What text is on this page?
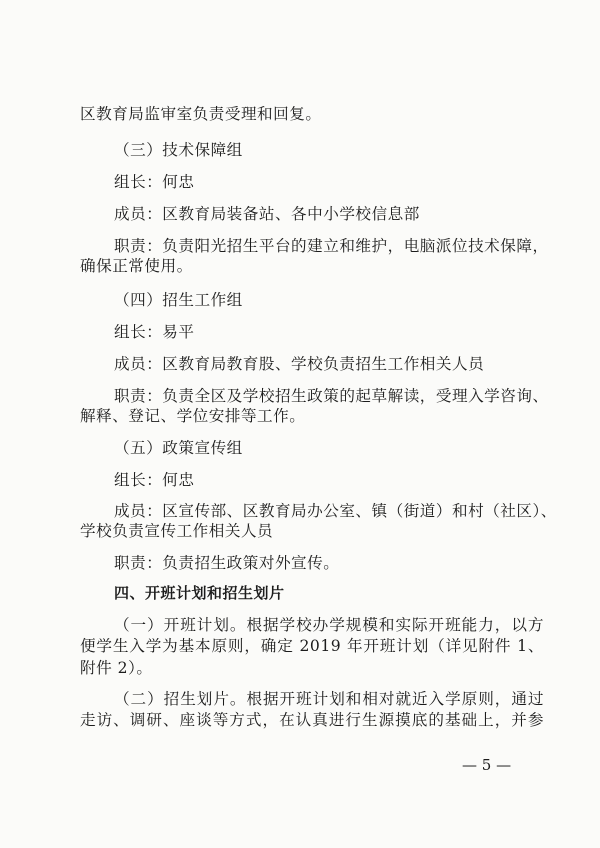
区教育局监审室负责受理和回复。
（三）技术保障组
组长：何忠
成员：区教育局装备站、各中小学校信息部
职责：负责阳光招生平台的建立和维护，电脑派位技术保障，
确保正常使用。
（四）招生工作组
组长：易平
成员：区教育局教育股、学校负责招生工作相关人员
职责：负责全区及学校招生政策的起草解读，受理入学咨询、
解释、登记、学位安排等工作。
（五）政策宣传组
组长：何忠
成员：区宣传部、区教育局办公室、镇（街道）和村（社区）、
学校负责宣传工作相关人员
职责：负责招生政策对外宣传。
四、开班计划和招生划片
（一）开班计划。根据学校办学规模和实际开班能力，以方
便学生入学为基本原则，确定 2019 年开班计划（详见附件 1、
附件 2）。
（二）招生划片。根据开班计划和相对就近入学原则，通过
走访、调研、座谈等方式，在认真进行生源摸底的基础上，并参
— 5 —
